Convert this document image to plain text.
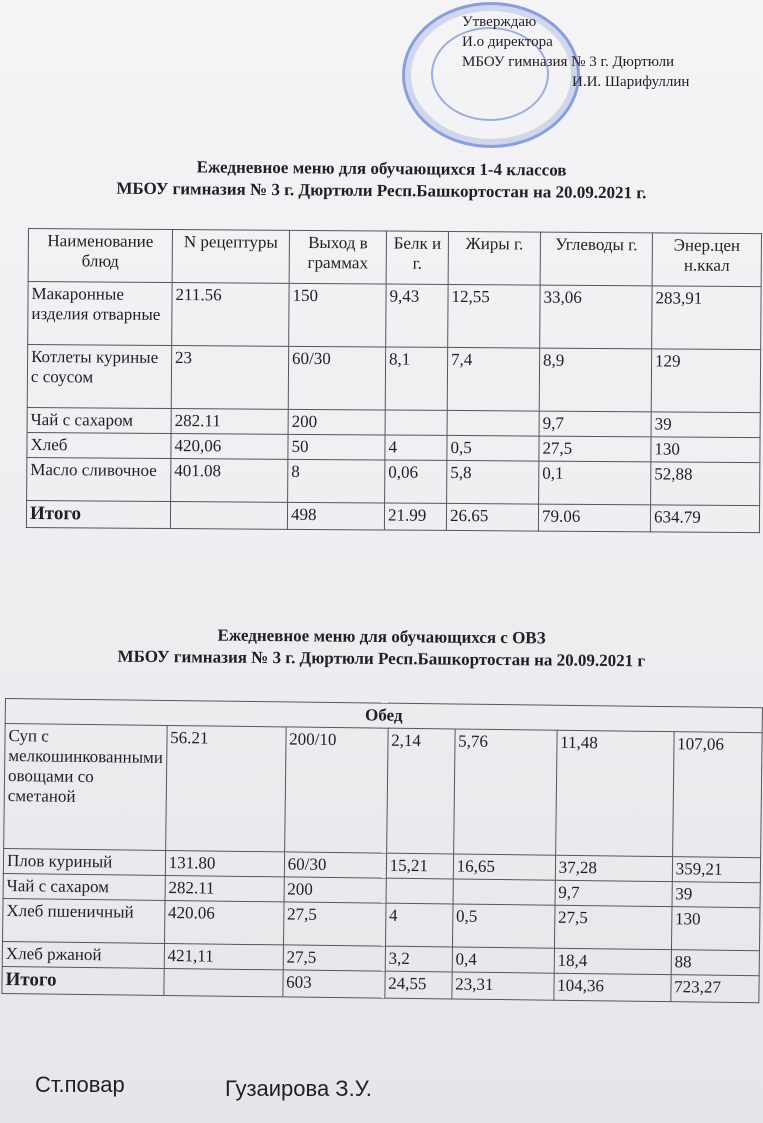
Утверждаю
И.о директора
МБОУ гимназия № 3 г. Дюртюли
И.И. Шарифуллин
Ежедневное меню для обучающихся 1-4 классов
МБОУ гимназия № 3 г. Дюртюли Респ.Башкортостан на 20.09.2021 г.
Наименование блюд	N рецептуры	Выход в граммах	Белк и г.	Жиры г.	Углеводы г.	Энер.цен н.ккал
Макаронные изделия отварные	211.56	150	9,43	12,55	33,06	283,91
Котлеты куриные с соусом	23	60/30	8,1	7,4	8,9	129
Чай с сахаром	282.11	200			9,7	39
Хлеб	420,06	50	4	0,5	27,5	130
Масло сливочное	401.08	8	0,06	5,8	0,1	52,88
Итого		498	21.99	26.65	79.06	634.79
Ежедневное меню для обучающихся с ОВЗ
МБОУ гимназия № 3 г. Дюртюли Респ.Башкортостан на 20.09.2021 г
Обед						
Суп с мелкошинкованными овощами со сметаной	56.21	200/10	2,14	5,76	11,48	107,06
Плов куриный	131.80	60/30	15,21	16,65	37,28	359,21
Чай с сахаром	282.11	200			9,7	39
Хлеб пшеничный	420.06	27,5	4	0,5	27,5	130
Хлеб ржаной	421,11	27,5	3,2	0,4	18,4	88
Итого		603	24,55	23,31	104,36	723,27
Ст.повар	Гузаирова З.У.
